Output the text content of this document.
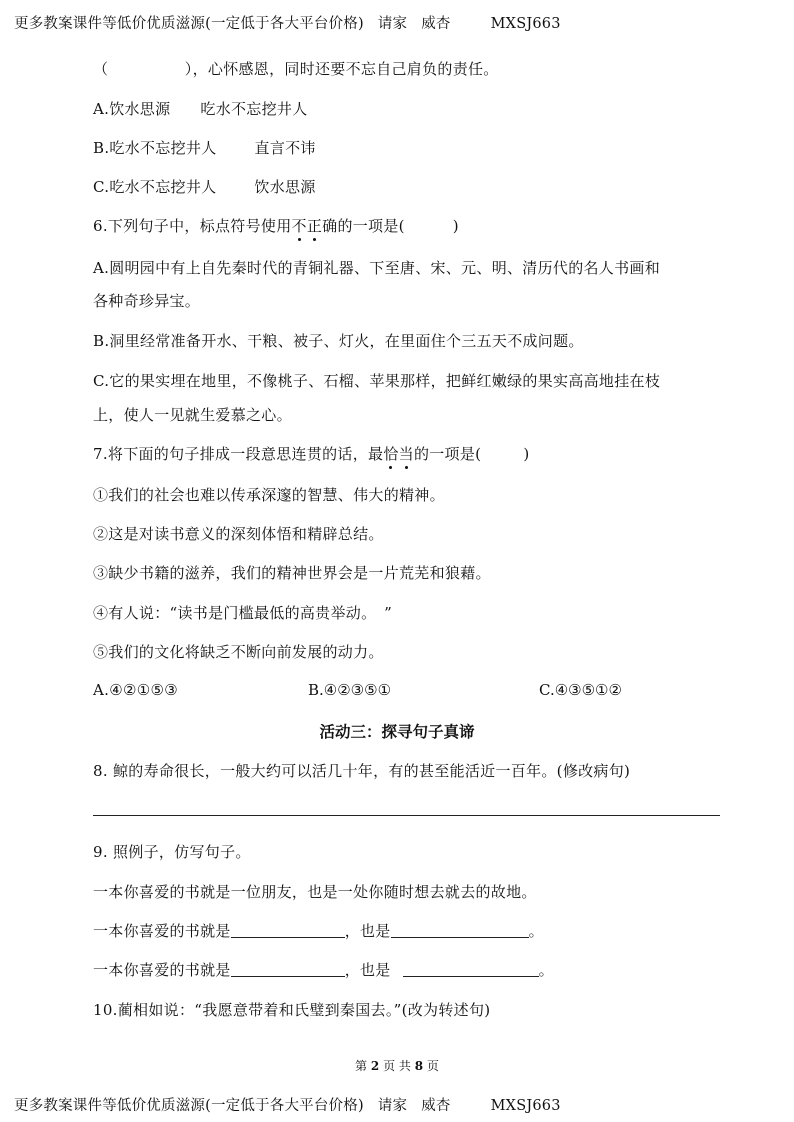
更多教案课件等低价优质滋源(一定低于各大平台价格) 请家 威杏	MXSJ663
（　　　　　），心怀感恩，同时还要不忘自己肩负的责任。
A.饮水思源 吃水不忘挖井人
B.吃水不忘挖井人	直言不讳
C.吃水不忘挖井人	饮水思源
6.下列句子中，标点符号使用不正确的一项是(	)
A.圆明园中有上自先秦时代的青铜礼器、下至唐、宋、元、明、清历代的名人书画和
各种奇珍异宝。
B.洞里经常准备开水、干粮、被子、灯火，在里面住个三五天不成问题。
C.它的果实埋在地里，不像桃子、石榴、苹果那样，把鲜红嫩绿的果实高高地挂在枝
上，使人一见就生爱慕之心。
7.将下面的句子排成一段意思连贯的话，最恰当的一项是(	)
①我们的社会也难以传承深邃的智慧、伟大的精神。
②这是对读书意义的深刻体悟和精辟总结。
③缺少书籍的滋养，我们的精神世界会是一片荒芜和狼藉。
④有人说：“读书是门槛最低的高贵举动。　”
⑤我们的文化将缺乏不断向前发展的动力。
A.④②①⑤③	B.④②③⑤①	C.④③⑤①②
活动三：探寻句子真谛
8. 鲸的寿命很长，一般大约可以活几十年，有的甚至能活近一百年。(修改病句)
9. 照例子，仿写句子。
一本你喜爱的书就是一位朋友，也是一处你随时想去就去的故地。
一本你喜爱的书就是	，也是	。
一本你喜爱的书就是	，也是	。
10.蔺相如说：“我愿意带着和氏璧到秦国去。”(改为转述句)
第 2 页 共 8 页
更多教案课件等低价优质滋源(一定低于各大平台价格) 请家 威杏	MXSJ663
